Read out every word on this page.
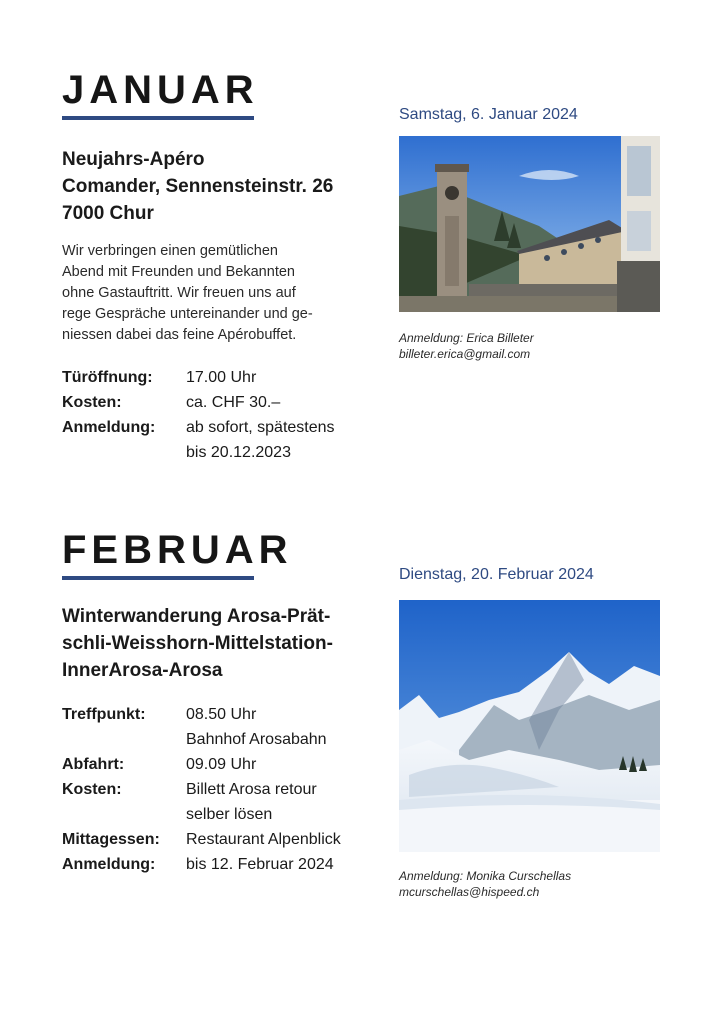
JANUAR
Neujahrs-Apéro
Comander, Sennensteinstr. 26
7000 Chur
Wir verbringen einen gemütlichen
Abend mit Freunden und Bekannten
ohne Gastauftritt. Wir freuen uns auf
rege Gespräche untereinander und ge-
niessen dabei das feine Apérobuffet.
Türöffnung:	17.00 Uhr
Kosten:	ca. CHF 30.–
Anmeldung:	ab sofort, spätestens
bis 20.12.2023
Samstag, 6. Januar 2024
Anmeldung: Erica Billeter
billeter.erica@gmail.com
FEBRUAR
Winterwanderung Arosa-Prät-
schli-Weisshorn-Mittelstation-
InnerArosa-Arosa
Treffpunkt:	08.50 Uhr
Bahnhof Arosabahn
Abfahrt:	09.09 Uhr
Kosten:	Billett Arosa retour
selber lösen
Mittagessen:	Restaurant Alpenblick
Anmeldung:	bis 12. Februar 2024
Dienstag, 20. Februar 2024
Anmeldung: Monika Curschellas
mcurschellas@hispeed.ch
